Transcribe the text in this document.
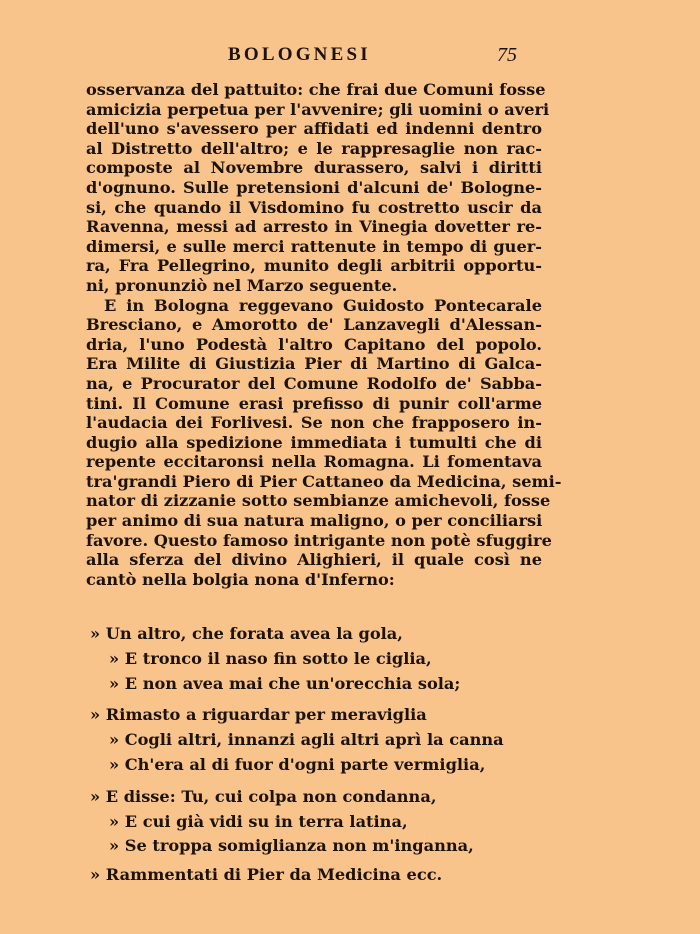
BOLOGNESI	75
osservanza del pattuito: che frai due Comuni fosse
amicizia perpetua per l'avvenire; gli uomini o averi
dell'uno s'avessero per affidati ed indenni dentro
al Distretto dell'altro; e le rappresaglie non rac-
composte al Novembre durassero, salvi i diritti
d'ognuno. Sulle pretensioni d'alcuni de' Bologne-
si, che quando il Visdomino fu costretto uscir da
Ravenna, messi ad arresto in Vinegia dovetter re-
dimersi, e sulle merci rattenute in tempo di guer-
ra, Fra Pellegrino, munito degli arbitrii opportu-
ni, pronunziò nel Marzo seguente.
E in Bologna reggevano Guidosto Pontecarale
Bresciano, e Amorotto de' Lanzavegli d'Alessan-
dria, l'uno Podestà l'altro Capitano del popolo.
Era Milite di Giustizia Pier di Martino di Galca-
na, e Procurator del Comune Rodolfo de' Sabba-
tini. Il Comune erasi prefisso di punir coll'arme
l'audacia dei Forlivesi. Se non che frapposero in-
dugio alla spedizione immediata i tumulti che di
repente eccitaronsi nella Romagna. Li fomentava
tra'grandi Piero di Pier Cattaneo da Medicina, semi-
nator di zizzanie sotto sembianze amichevoli, fosse
per animo di sua natura maligno, o per conciliarsi
favore. Questo famoso intrigante non potè sfuggire
alla sferza del divino Alighieri, il quale così ne
cantò nella bolgia nona d'Inferno:
» Un altro, che forata avea la gola,
» E tronco il naso fin sotto le ciglia,
» E non avea mai che un'orecchia sola;
» Rimasto a riguardar per meraviglia
» Cogli altri, innanzi agli altri aprì la canna
» Ch'era al di fuor d'ogni parte vermiglia,
» E disse: Tu, cui colpa non condanna,
» E cui già vidi su in terra latina,
» Se troppa somiglianza non m'inganna,
» Rammentati di Pier da Medicina ecc.
